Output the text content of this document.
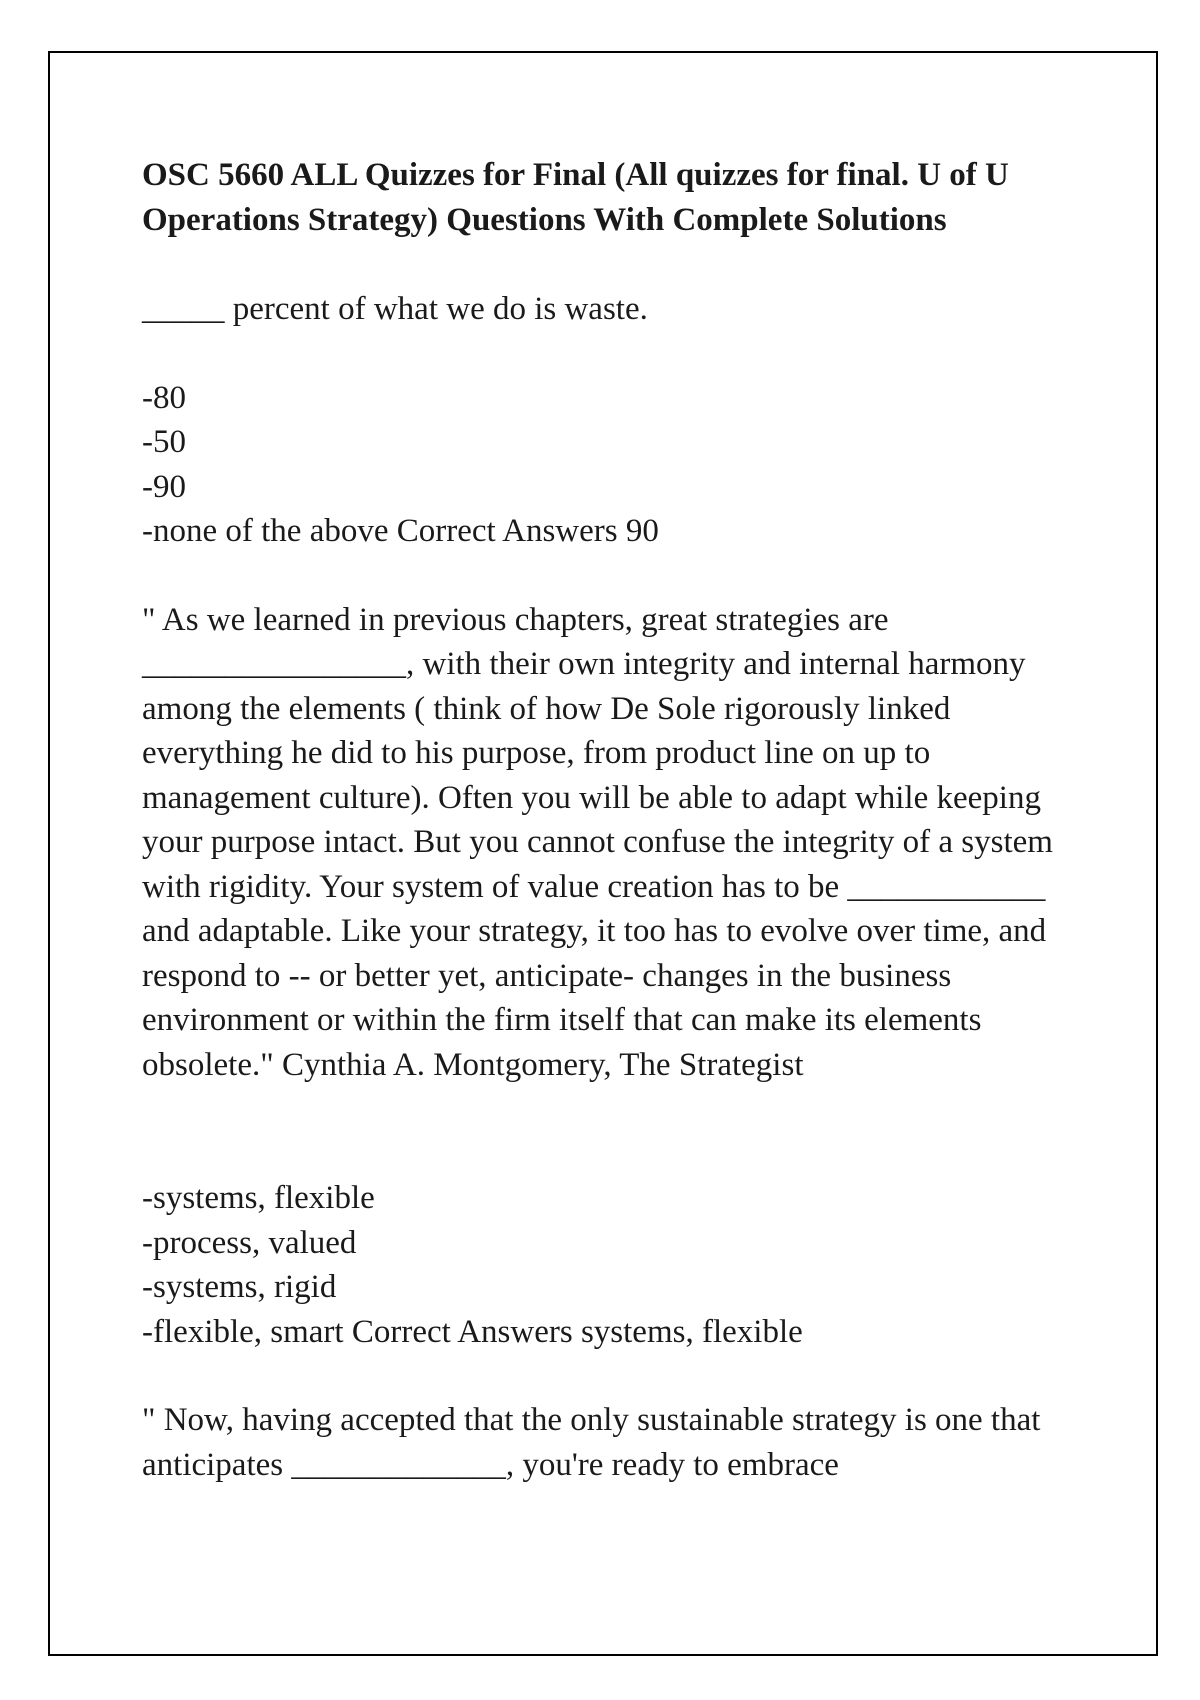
OSC 5660 ALL Quizzes for Final (All quizzes for final. U of U Operations Strategy) Questions With Complete Solutions
_____ percent of what we do is waste.
-80
-50
-90
-none of the above Correct Answers 90
" As we learned in previous chapters, great strategies are ________________, with their own integrity and internal harmony among the elements ( think of how De Sole rigorously linked everything he did to his purpose, from product line on up to management culture). Often you will be able to adapt while keeping your purpose intact. But you cannot confuse the integrity of a system with rigidity. Your system of value creation has to be ____________ and adaptable. Like your strategy, it too has to evolve over time, and respond to -- or better yet, anticipate- changes in the business environment or within the firm itself that can make its elements obsolete." Cynthia A. Montgomery, The Strategist
-systems, flexible
-process, valued
-systems, rigid
-flexible, smart Correct Answers systems, flexible
" Now, having accepted that the only sustainable strategy is one that anticipates _____________, you're ready to embrace
